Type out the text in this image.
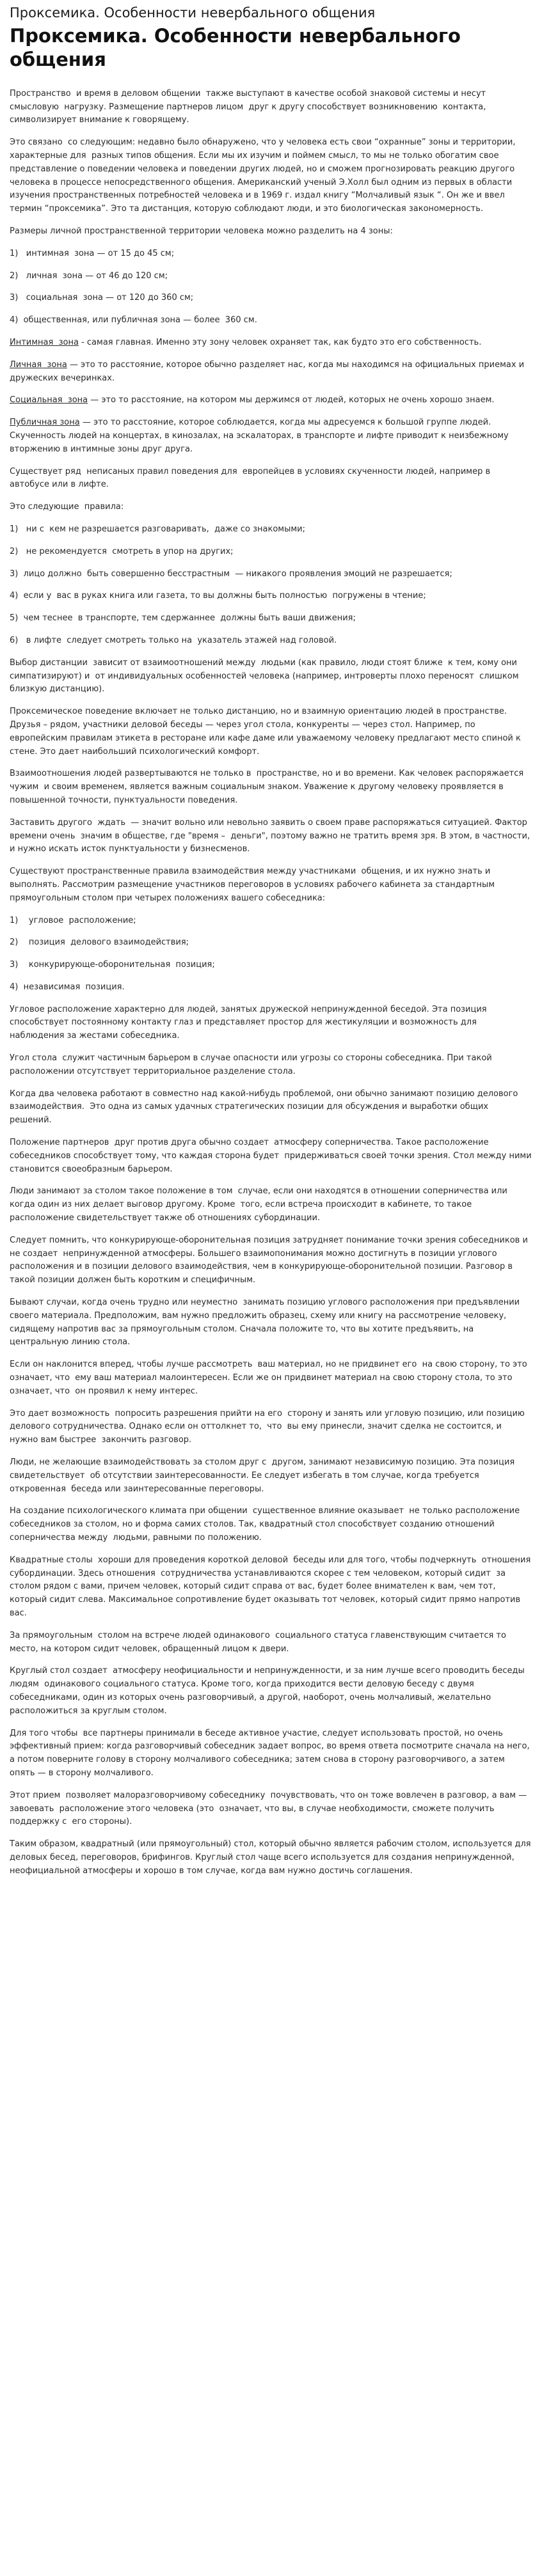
Проксемика. Особенности невербального общения
Проксемика. Особенности невербального общения

Пространство  и время в деловом общении  также выступают в качестве особой знаковой системы и несут смысловую  нагрузку. Размещение партнеров лицом  друг к другу способствует возникновению  контакта, символизирует внимание к говорящему.

Это связано  со следующим: недавно было обнаружено, что у человека есть свои “охранные” зоны и территории, характерные для  разных типов общения. Если мы их изучим и поймем смысл, то мы не только обогатим свое представление о поведении человека и поведении других людей, но и сможем прогнозировать реакцию другого человека в процессе непосредственного общения. Американский ученый Э.Холл был одним из первых в области изучения пространственных потребностей человека и в 1969 г. издал книгу “Молчаливый язык “. Он же и ввел термин “проксемика”. Это та дистанция, которую соблюдают люди, и это биологическая закономерность.

Размеры личной пространственной территории человека можно разделить на 4 зоны:

1)   интимная  зона — от 15 до 45 см;

2)   личная  зона — от 46 до 120 см;

3)   социальная  зона — от 120 до 360 см;

4)  общественная, или публичная зона — более  360 см.

Интимная  зона - самая главная. Именно эту зону человек охраняет так, как будто это его собственность.

Личная  зона — это то расстояние, которое обычно разделяет нас, когда мы находимся на официальных приемах и дружеских вечеринках.

Социальная  зона — это то расстояние, на котором мы держимся от людей, которых не очень хорошо знаем.

Публичная зона — это то расстояние, которое соблюдается, когда мы адресуемся к большой группе людей. Скученность людей на концертах, в кинозалах, на эскалаторах, в транспорте и лифте приводит к неизбежному вторжению в интимные зоны друг друга.

Существует ряд  неписаных правил поведения для  европейцев в условиях скученности людей, например в автобусе или в лифте.

Это следующие  правила:

1)   ни с  кем не разрешается разговаривать,  даже со знакомыми;

2)   не рекомендуется  смотреть в упор на других;

3)  лицо должно  быть совершенно бесстрастным  — никакого проявления эмоций не разрешается;

4)  если у  вас в руках книга или газета, то вы должны быть полностью  погружены в чтение;

5)  чем теснее  в транспорте, тем сдержаннее  должны быть ваши движения;

6)   в лифте  следует смотреть только на  указатель этажей над головой.

Выбор дистанции  зависит от взаимоотношений между  людьми (как правило, люди стоят ближе  к тем, кому они симпатизируют) и  от индивидуальных особенностей человека (например, интроверты плохо переносят  слишком близкую дистанцию).

Проксемическое поведение включает не только дистанцию, но и взаимную ориентацию людей в пространстве. Друзья – рядом, участники деловой беседы — через угол стола, конкуренты — через стол. Например, по европейским правилам этикета в ресторане или кафе даме или уважаемому человеку предлагают место спиной к стене. Это дает наибольший психологический комфорт.

Взаимоотношения людей развертываются не только в  пространстве, но и во времени. Как человек распоряжается чужим  и своим временем, является важным социальным знаком. Уважение к другому человеку проявляется в повышенной точности, пунктуальности поведения.

Заставить другого  ждать  — значит вольно или невольно заявить о своем праве распоряжаться ситуацией. Фактор времени очень  значим в обществе, где "время –  деньги", поэтому важно не тратить время зря. В этом, в частности, и нужно искать исток пунктуальности у бизнесменов.

Существуют пространственные правила взаимодействия между участниками  общения, и их нужно знать и  выполнять. Рассмотрим размещение участников переговоров в условиях рабочего кабинета за стандартным прямоугольным столом при четырех положениях вашего собеседника:

1)    угловое  расположение;

2)    позиция  делового взаимодействия;

3)    конкурирующе-оборонительная  позиция;

4)  независимая  позиция.

Угловое расположение характерно для людей, занятых дружеской непринужденной беседой. Эта позиция способствует постоянному контакту глаз и представляет простор для жестикуляции и возможность для наблюдения за жестами собеседника.

Угол стола  служит частичным барьером в случае опасности или угрозы со стороны собеседника. При такой расположении отсутствует территориальное разделение стола.

Когда два человека работают в совместно над какой-нибудь проблемой, они обычно занимают позицию делового  взаимодействия.  Это одна из самых удачных стратегических позиции для обсуждения и выработки общих решений.

Положение партнеров  друг против друга обычно создает  атмосферу соперничества. Такое расположение собеседников способствует тому, что каждая сторона будет  придерживаться своей точки зрения. Стол между ними становится своеобразным барьером.

Люди занимают за столом такое положение в том  случае, если они находятся в отношении соперничества или когда один из них делает выговор другому. Кроме  того, если встреча происходит в кабинете, то такое расположение свидетельствует также об отношениях субординации.

Следует помнить, что конкурирующе-оборонительная позиция затрудняет понимание точки зрения собеседников и не создает  непринужденной атмосферы. Большего взаимопонимания можно достигнуть в позиции углового расположения и в позиции делового взаимодействия, чем в конкурирующе-оборонительной позиции. Разговор в такой позиции должен быть коротким и специфичным.

Бывают случаи, когда очень трудно или неуместно  занимать позицию углового расположения при предъявлении своего материала. Предположим, вам нужно предложить образец, схему или книгу на рассмотрение человеку, сидящему напротив вас за прямоугольным столом. Сначала положите то, что вы хотите предъявить, на центральную линию стола.

Если он наклонится вперед, чтобы лучше рассмотреть  ваш материал, но не придвинет его  на свою сторону, то это означает, что  ему ваш материал малоинтересен. Если же он придвинет материал на свою сторону стола, то это означает, что  он проявил к нему интерес.

Это дает возможность  попросить разрешения прийти на его  сторону и занять или угловую позицию, или позицию делового сотрудничества. Однако если он оттолкнет то,  что  вы ему принесли, значит сделка не состоится, и нужно вам быстрее  закончить разговор.

Люди, не желающие взаимодействовать за столом друг с  другом, занимают независимую позицию. Эта позиция свидетельствует  об отсутствии заинтересованности. Ее следует избегать в том случае, когда требуется откровенная  беседа или заинтересованные переговоры.

На создание психологического климата при общении  существенное влияние оказывает  не только расположение собеседников за столом, но и форма самих столов. Так, квадратный стол способствует созданию отношений соперничества между  людьми, равными по положению.

Квадратные столы  хороши для проведения короткой деловой  беседы или для того, чтобы подчеркнуть  отношения субординации. Здесь отношения  сотрудничества устанавливаются скорее с тем человеком, который сидит  за столом рядом с вами, причем человек, который сидит справа от вас, будет более внимателен к вам, чем тот, который сидит слева. Максимальное сопротивление будет оказывать тот человек, который сидит прямо напротив вас.

За прямоугольным  столом на встрече людей одинакового  социального статуса главенствующим считается то место, на котором сидит человек, обращенный лицом к двери.

Круглый стол создает  атмосферу неофициальности и непринужденности, и за ним лучше всего проводить беседы людям  одинакового социального статуса. Кроме того, когда приходится вести деловую беседу с двумя собеседниками, один из которых очень разговорчивый, а другой, наоборот, очень молчаливый, желательно расположиться за круглым столом.

Для того чтобы  все партнеры принимали в беседе активное участие, следует использовать простой, но очень эффективный прием: когда разговорчивый собеседник задает вопрос, во время ответа посмотрите сначала на него, а потом поверните голову в сторону молчаливого собеседника; затем снова в сторону разговорчивого, а затем опять — в сторону молчаливого.

Этот прием  позволяет малоразговорчивому собеседнику  почувствовать, что он тоже вовлечен в разговор, а вам — завоевать  расположение этого человека (это  означает, что вы, в случае необходимости, сможете получить поддержку с  его стороны).

Таким образом, квадратный (или прямоугольный) стол, который обычно является рабочим столом, используется для деловых бесед, переговоров, брифингов. Круглый стол чаще всего используется для создания непринужденной, неофициальной атмосферы и хорошо в том случае, когда вам нужно достичь соглашения.
